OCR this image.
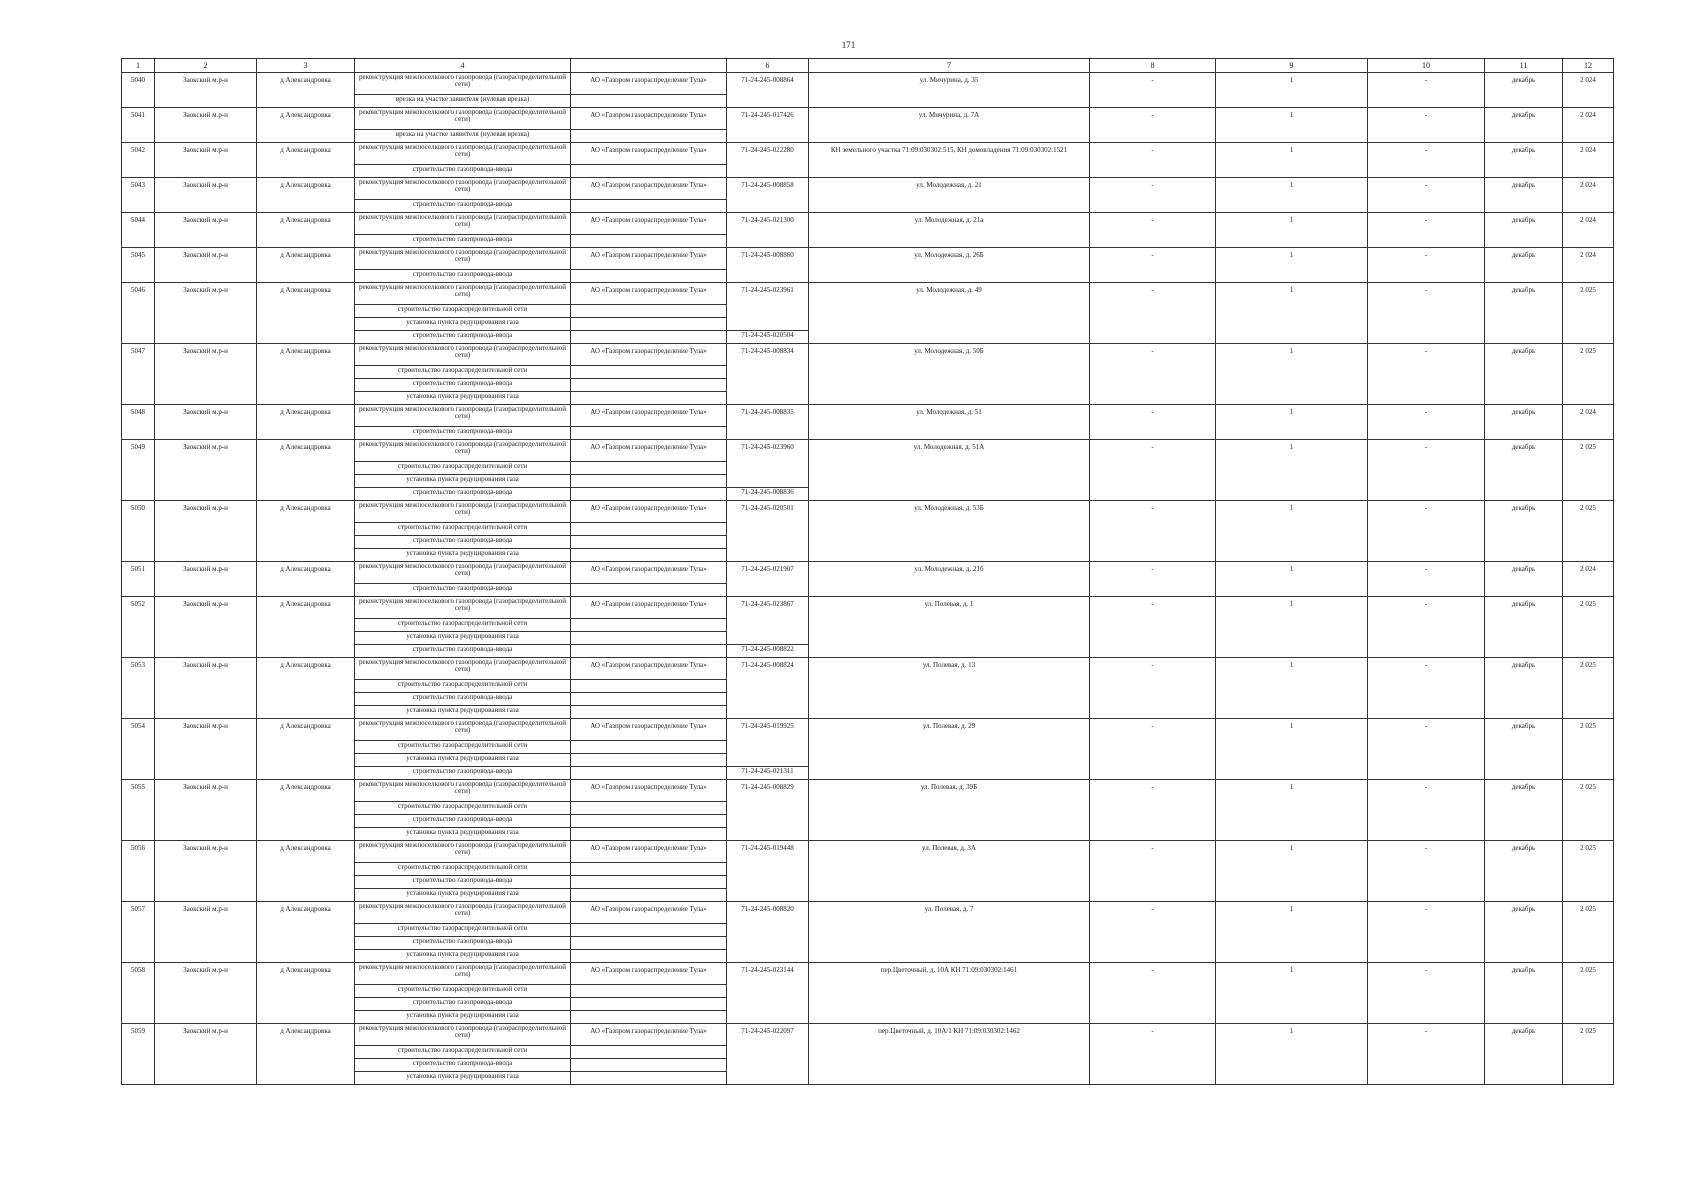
171
1	2	3	4		6	7	8	9	10	11	12
5040	Заокский м.р-н	д Александровка	реконструкция межпоселкового газопровода (газораспределительной сети)	АО «Газпром газораспределение Тула»	71-24-245-008864	ул. Мичурина, д. 35	-	1	-	декабрь	2 024
			врезка на участке заявителя (нулевая врезка)								
5041	Заокский м.р-н	д Александровка	реконструкция межпоселкового газопровода (газораспределительной сети)	АО «Газпром газораспределение Тула»	71-24-245-017426	ул. Мичурина, д. 7А	-	1	-	декабрь	2 024
			врезка на участке заявителя (нулевая врезка)								
5042	Заокский м.р-н	д Александровка	реконструкция межпоселкового газопровода (газораспределительной сети)	АО «Газпром газораспределение Тула»	71-24-245-022280	КН земельного участка 71:09:030302:515, КН домовладения 71:09:030302:1521	-	1	-	декабрь	2 024
			строительство газопровода-ввода								
5043	Заокский м.р-н	д Александровка	реконструкция межпоселкового газопровода (газораспределительной сети)	АО «Газпром газораспределение Тула»	71-24-245-008858	ул. Молодежная, д. 21	-	1	-	декабрь	2 024
			строительство газопровода-ввода								
5044	Заокский м.р-н	д Александровка	реконструкция межпоселкового газопровода (газораспределительной сети)	АО «Газпром газораспределение Тула»	71-24-245-021300	ул. Молодежная, д. 21а	-	1	-	декабрь	2 024
			строительство газопровода-ввода								
5045	Заокский м.р-н	д Александровка	реконструкция межпоселкового газопровода (газораспределительной сети)	АО «Газпром газораспределение Тула»	71-24-245-008860	ул. Молодежная, д. 26Б	-	1	-	декабрь	2 024
			строительство газопровода-ввода								
5046	Заокский м.р-н	д Александровка	реконструкция межпоселкового газопровода (газораспределительной сети)	АО «Газпром газораспределение Тула»	71-24-245-023961	ул. Молодежная, д. 49	-	1	-	декабрь	2 025
			строительство газораспределительной сети								
			установка пункта редуцирования газа								
			строительство газопровода-ввода		71-24-245-020504						
5047	Заокский м.р-н	д Александровка	реконструкция межпоселкового газопровода (газораспределительной сети)	АО «Газпром газораспределение Тула»	71-24-245-008834	ул. Молодежная, д. 50Б	-	1	-	декабрь	2 025
			строительство газораспределительной сети								
			строительство газопровода-ввода								
			установка пункта редуцирования газа								
5048	Заокский м.р-н	д Александровка	реконструкция межпоселкового газопровода (газораспределительной сети)	АО «Газпром газораспределение Тула»	71-24-245-008835	ул. Молодежная, д. 51	-	1	-	декабрь	2 024
			строительство газопровода-ввода								
5049	Заокский м.р-н	д Александровка	реконструкция межпоселкового газопровода (газораспределительной сети)	АО «Газпром газораспределение Тула»	71-24-245-023960	ул. Молодежная, д. 51А	-	1	-	декабрь	2 025
			строительство газораспределительной сети								
			установка пункта редуцирования газа								
			строительство газопровода-ввода		71-24-245-008836						
5050	Заокский м.р-н	д Александровка	реконструкция межпоселкового газопровода (газораспределительной сети)	АО «Газпром газораспределение Тула»	71-24-245-020501	ул. Молодежная, д. 53Б	-	1	-	декабрь	2 025
			строительство газораспределительной сети								
			строительство газопровода-ввода								
			установка пункта редуцирования газа								
5051	Заокский м.р-н	д Александровка	реконструкция межпоселкового газопровода (газораспределительной сети)	АО «Газпром газораспределение Тула»	71-24-245-021907	ул. Молодежная, д. 21б	-	1	-	декабрь	2 024
			строительство газопровода-ввода								
5052	Заокский м.р-н	д Александровка	реконструкция межпоселкового газопровода (газораспределительной сети)	АО «Газпром газораспределение Тула»	71-24-245-023867	ул. Полевая, д. 1	-	1	-	декабрь	2 025
			строительство газораспределительной сети								
			установка пункта редуцирования газа								
			строительство газопровода-ввода		71-24-245-008822						
5053	Заокский м.р-н	д Александровка	реконструкция межпоселкового газопровода (газораспределительной сети)	АО «Газпром газораспределение Тула»	71-24-245-008824	ул. Полевая, д. 13	-	1	-	декабрь	2 025
			строительство газораспределительной сети								
			строительство газопровода-ввода								
			установка пункта редуцирования газа								
5054	Заокский м.р-н	д Александровка	реконструкция межпоселкового газопровода (газораспределительной сети)	АО «Газпром газораспределение Тула»	71-24-245-019925	ул. Полевая, д. 29	-	1	-	декабрь	2 025
			строительство газораспределительной сети								
			установка пункта редуцирования газа								
			строительство газопровода-ввода		71-24-245-021311						
5055	Заокский м.р-н	д Александровка	реконструкция межпоселкового газопровода (газораспределительной сети)	АО «Газпром газораспределение Тула»	71-24-245-008829	ул. Полевая, д. 39Б	-	1	-	декабрь	2 025
			строительство газораспределительной сети								
			строительство газопровода-ввода								
			установка пункта редуцирования газа								
5056	Заокский м.р-н	д Александровка	реконструкция межпоселкового газопровода (газораспределительной сети)	АО «Газпром газораспределение Тула»	71-24-245-019448	ул. Полевая, д. 3А	-	1	-	декабрь	2 025
			строительство газораспределительной сети								
			строительство газопровода-ввода								
			установка пункта редуцирования газа								
5057	Заокский м.р-н	д Александровка	реконструкция межпоселкового газопровода (газораспределительной сети)	АО «Газпром газораспределение Тула»	71-24-245-008820	ул. Полевая, д. 7	-	1	-	декабрь	2 025
			строительство газораспределительной сети								
			строительство газопровода-ввода								
			установка пункта редуцирования газа								
5058	Заокский м.р-н	д Александровка	реконструкция межпоселкового газопровода (газораспределительной сети)	АО «Газпром газораспределение Тула»	71-24-245-023144	пер.Цветочный, д. 10А КН 71:09:030302:1461	-	1	-	декабрь	2 025
			строительство газораспределительной сети								
			строительство газопровода-ввода								
			установка пункта редуцирования газа								
5059	Заокский м.р-н	д Александровка	реконструкция межпоселкового газопровода (газораспределительной сети)	АО «Газпром газораспределение Тула»	71-24-245-022097	пер.Цветочный, д. 10А/1 КН 71:09:030302:1462	-	1	-	декабрь	2 025
			строительство газораспределительной сети								
			строительство газопровода-ввода								
			установка пункта редуцирования газа								
